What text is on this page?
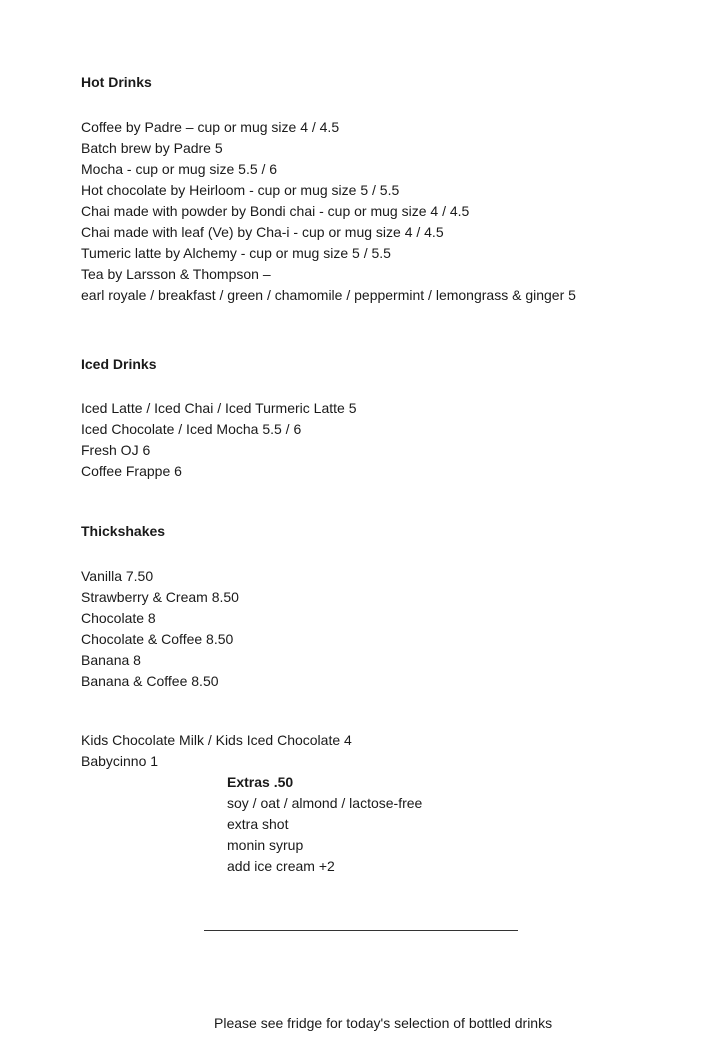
Hot Drinks
Coffee by Padre – cup or mug size 4 / 4.5
Batch brew by Padre 5
Mocha - cup or mug size 5.5 / 6
Hot chocolate by Heirloom - cup or mug size 5 / 5.5
Chai made with powder by Bondi chai - cup or mug size 4 / 4.5
Chai made with leaf (Ve) by Cha-i - cup or mug size 4 / 4.5
Tumeric latte by Alchemy - cup or mug size 5 / 5.5
Tea by Larsson & Thompson –
earl royale / breakfast / green / chamomile / peppermint / lemongrass & ginger 5
Iced Drinks
Iced Latte / Iced Chai / Iced Turmeric Latte 5
Iced Chocolate / Iced Mocha 5.5 / 6
Fresh OJ 6
Coffee Frappe 6
Thickshakes
Vanilla 7.50
Strawberry & Cream 8.50
Chocolate 8
Chocolate & Coffee 8.50
Banana 8
Banana & Coffee 8.50
Kids Chocolate Milk / Kids Iced Chocolate 4
Babycinno 1
Extras .50
soy / oat / almond / lactose-free
extra shot
monin syrup
add ice cream +2
Please see fridge for today's selection of bottled drinks
